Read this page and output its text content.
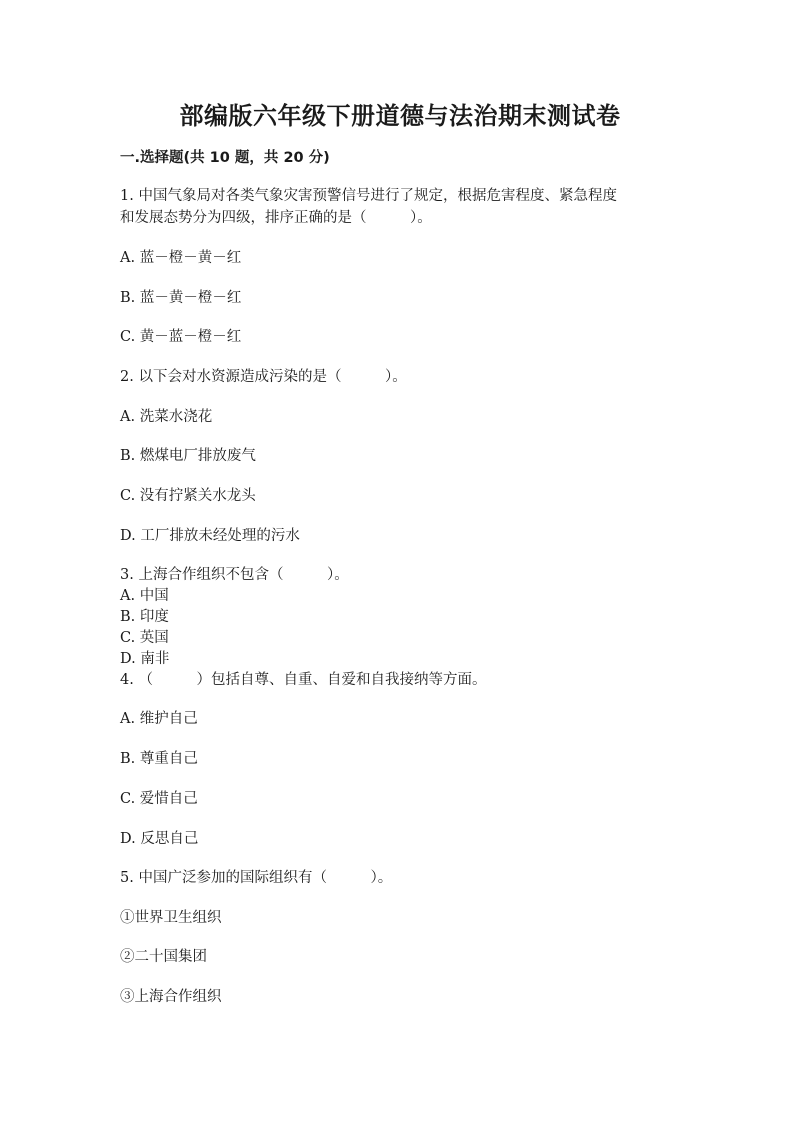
部编版六年级下册道德与法治期末测试卷
一.选择题(共 10 题，共 20 分)
1. 中国气象局对各类气象灾害预警信号进行了规定，根据危害程度、紧急程度
和发展态势分为四级，排序正确的是（　　　）。
A. 蓝－橙－黄－红
B. 蓝－黄－橙－红
C. 黄－蓝－橙－红
2. 以下会对水资源造成污染的是（　　　）。
A. 洗菜水浇花
B. 燃煤电厂排放废气
C. 没有拧紧关水龙头
D. 工厂排放未经处理的污水
3. 上海合作组织不包含（　　　）。
A. 中国
B. 印度
C. 英国
D. 南非
4. （　　　）包括自尊、自重、自爱和自我接纳等方面。
A. 维护自己
B. 尊重自己
C. 爱惜自己
D. 反思自己
5. 中国广泛参加的国际组织有（　　　）。
①世界卫生组织
②二十国集团
③上海合作组织
